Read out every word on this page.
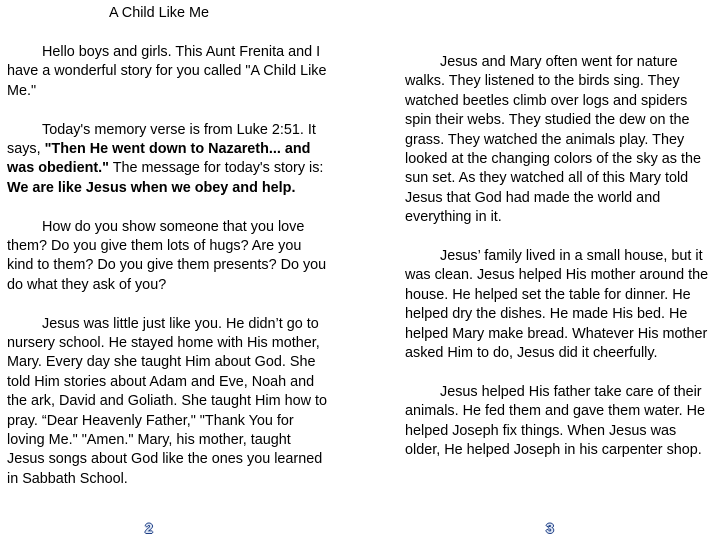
A Child Like Me

Hello boys and girls. This Aunt Frenita and I have a wonderful story for you called "A Child Like Me."

Today's memory verse is from Luke 2:51. It says, "Then He went down to Nazareth... and was obedient." The message for today's story is: We are like Jesus when we obey and help.

How do you show someone that you love them? Do you give them lots of hugs? Are you kind to them? Do you give them presents? Do you do what they ask of you?

Jesus was little just like you. He didn’t go to nursery school. He stayed home with His mother, Mary. Every day she taught Him about God. She told Him stories about Adam and Eve, Noah and the ark, David and Goliath. She taught Him how to pray. “Dear Heavenly Father," "Thank You for loving Me." "Amen." Mary, his mother, taught Jesus songs about God like the ones you learned in Sabbath School.

Jesus and Mary often went for nature walks. They listened to the birds sing. They watched beetles climb over logs and spiders spin their webs. They studied the dew on the grass. They watched the animals play. They looked at the changing colors of the sky as the sun set. As they watched all of this Mary told Jesus that God had made the world and everything in it.

Jesus’ family lived in a small house, but it was clean. Jesus helped His mother around the house. He helped set the table for dinner. He helped dry the dishes. He made His bed. He helped Mary make bread. Whatever His mother asked Him to do, Jesus did it cheerfully.

Jesus helped His father take care of their animals. He fed them and gave them water. He helped Joseph fix things. When Jesus was older, He helped Joseph in his carpenter shop.

2	3
